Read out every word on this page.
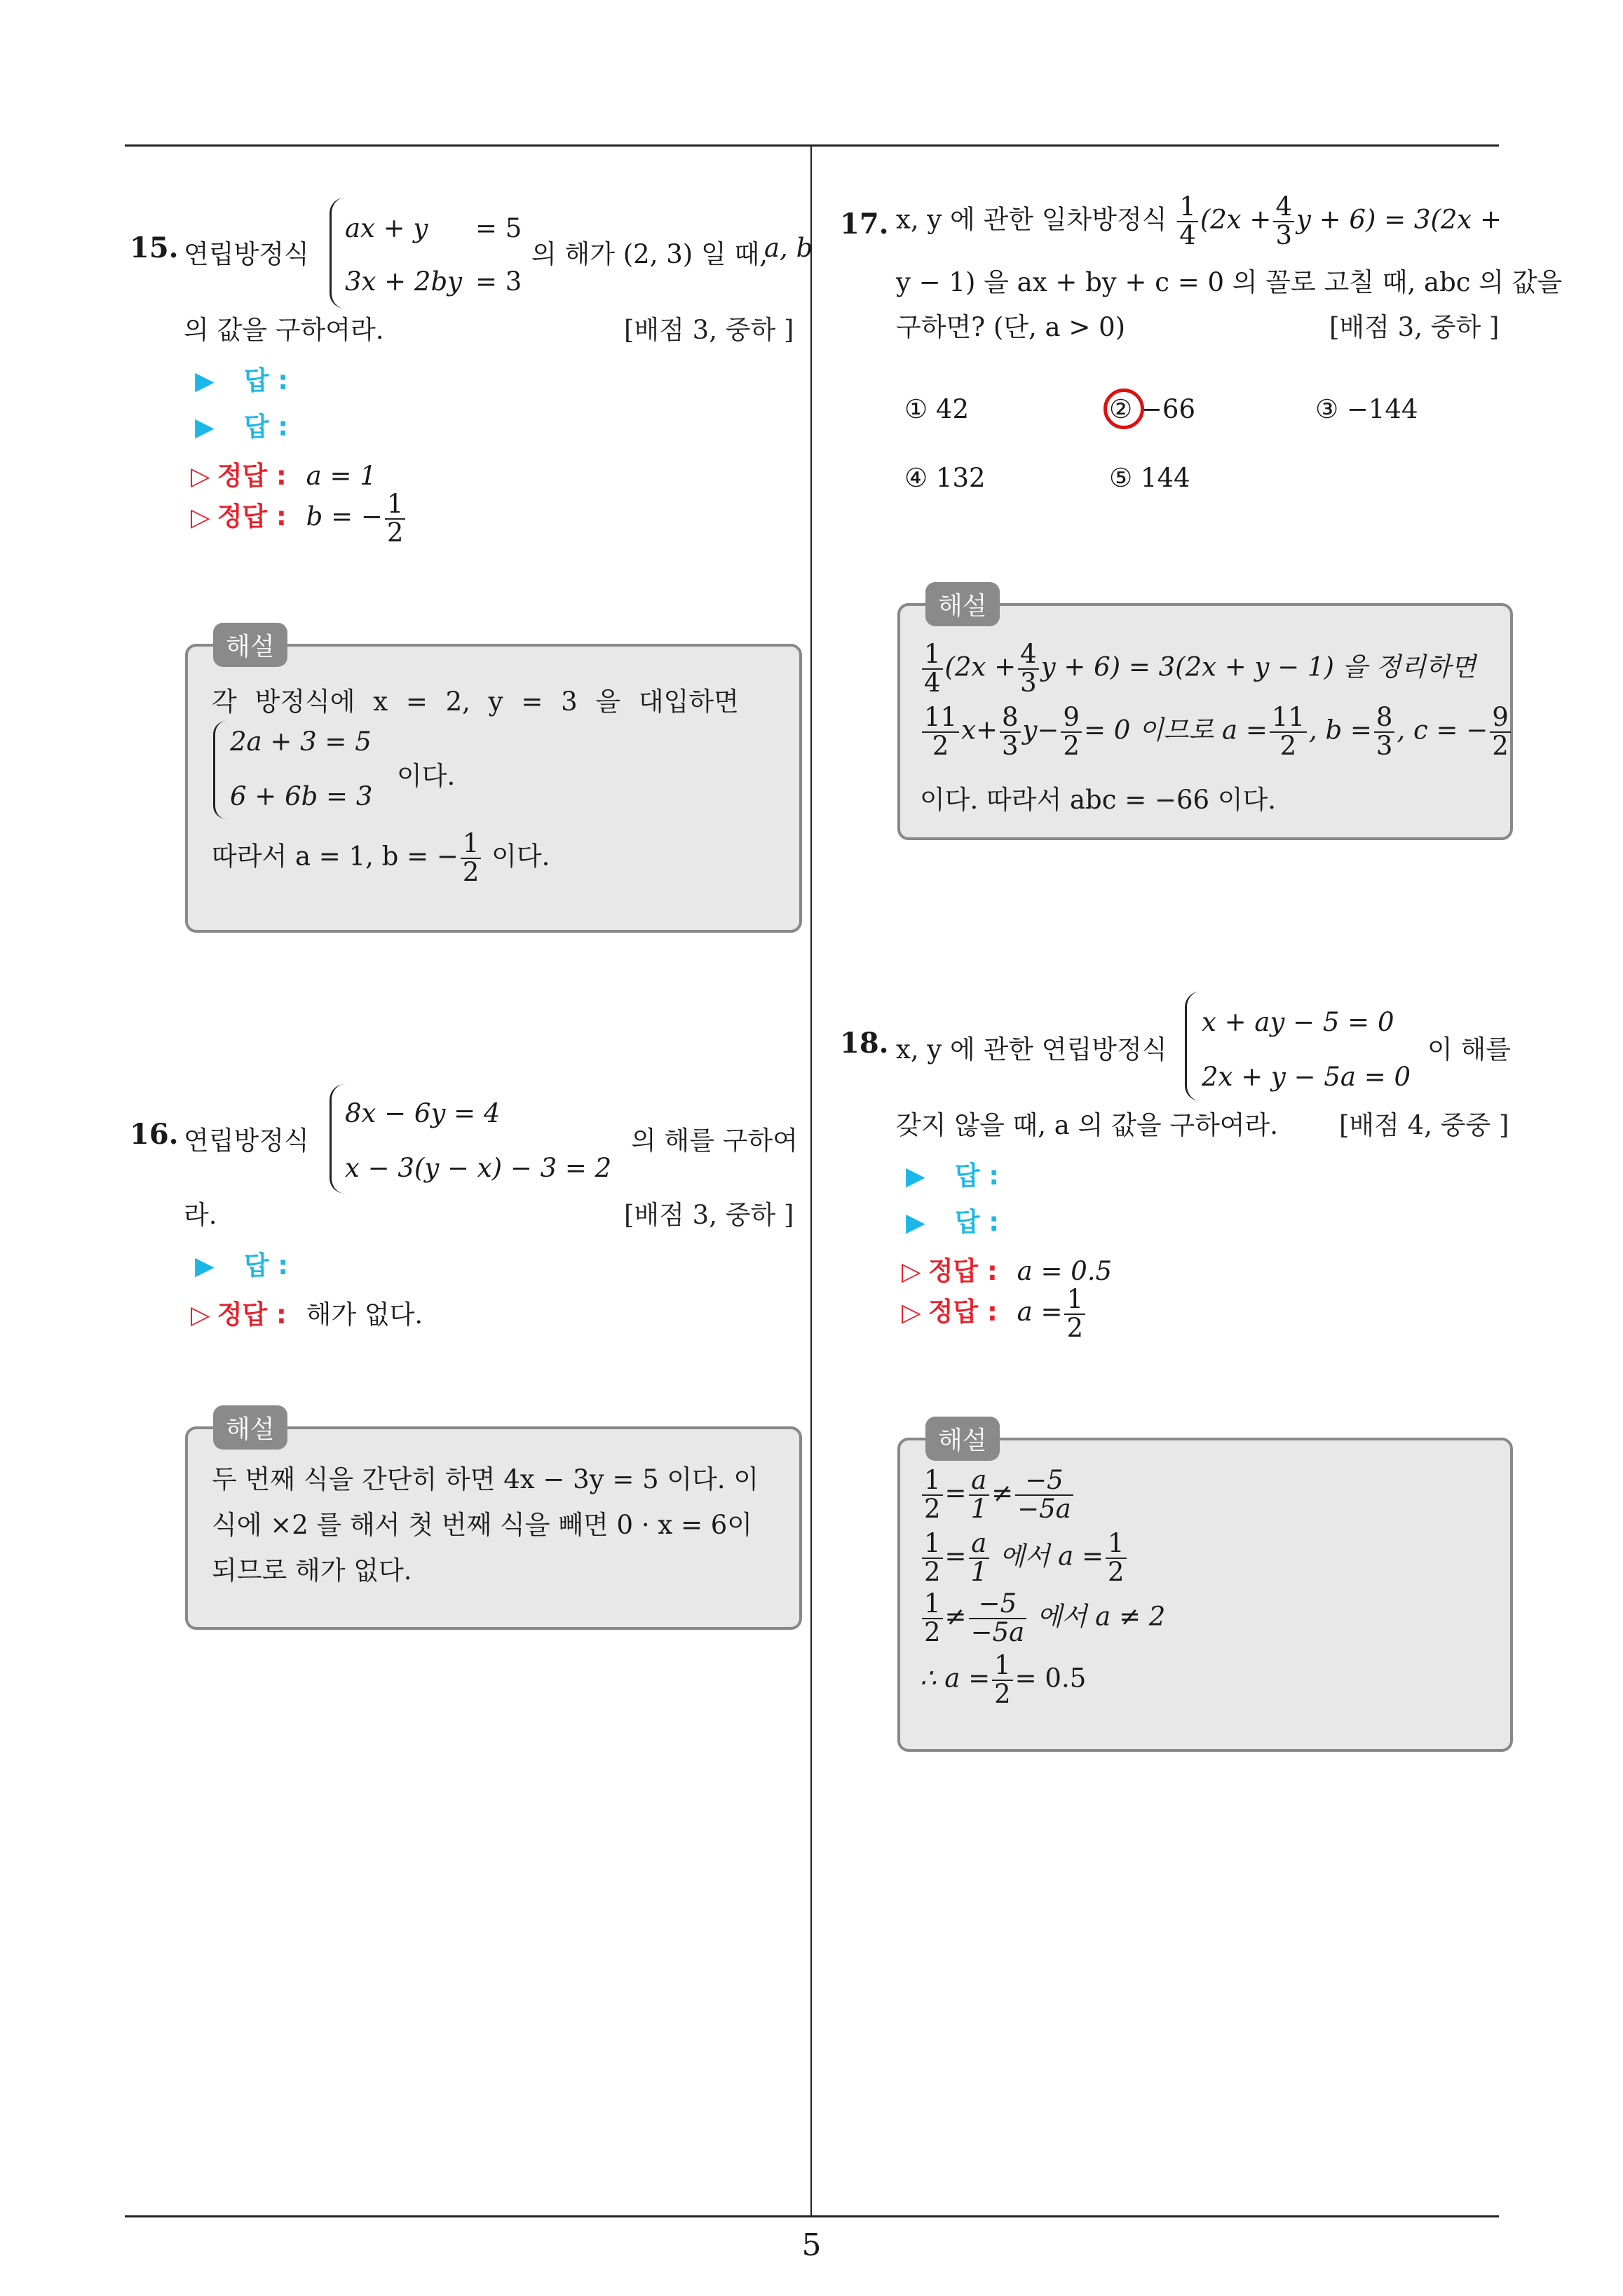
15. 연립방정식
ax + y = 5
3x + 2by = 3
의 해가 (2, 3) 일 때,
a, b
의 값을 구하여라.	[배점 3, 중하 ]
▶ 답 :
▶ 답 :
▷ 정답 : a = 1
▷ 정답 : b = − $\frac{1}{2}$
해설
각 방정식에 x = 2, y = 3 을 대입하면
2a + 3 = 5
6 + 6b = 3
이다.
따라서 a = 1, b = − $\frac{1}{2}$ 이다.
16. 연립방정식
8x − 6y = 4
x − 3(y − x) − 3 = 2
의 해를 구하여
라.	[배점 3, 중하 ]
▶ 답 :
▷ 정답 : 해가 없다.
해설
두 번째 식을 간단히 하면 4x − 3y = 5 이다. 이
식에 ×2 를 해서 첫 번째 식을 빼면 0 · x = 6이
되므로 해가 없다.
17. x, y 에 관한 일차방정식 $\frac{1}{4} (2x + \frac{4}{3}$ y + 6) = 3(2x +
y − 1) 을 ax + by + c = 0 의 꼴로 고칠 때, abc 의 값을
구하면? (단, a > 0)	[배점 3, 중하 ]
① 42	② −66	③ −144
④ 132	⑤ 144
해설
$\frac{1}{4} (2x + \frac{4}{3}$ y + 6) = 3(2x + y − 1) 을 정리하면
$\frac{11}{2} x+ \frac{8}{3} y- \frac{9}{2} = 0$ 이므로 $a = \frac{11}{2}$ , $b = \frac{8}{3}$ , c = − $\frac{9}{2}$
이다. 따라서 abc = −66 이다.
18. x, y 에 관한 연립방정식
x + ay − 5 = 0
2x + y − 5a = 0
이 해를
갖지 않을 때, a 의 값을 구하여라. [배점 4, 중중 ]
▶ 답 :
▶ 답 :
▷ 정답 : a = 0.5
▷ 정답 : $a = \frac{1}{2}$
해설
$\frac{1}{2} = \frac{a}{1} \ne \frac{-5}{-5a}$
$\frac{1}{2} = \frac{a}{1}$ 에서 $a = \frac{1}{2}$
$\frac{1}{2} \ne \frac{-5}{-5a}$ 에서 a ≠ 2
∴ $a = \frac{1}{2} = 0.5$
5
